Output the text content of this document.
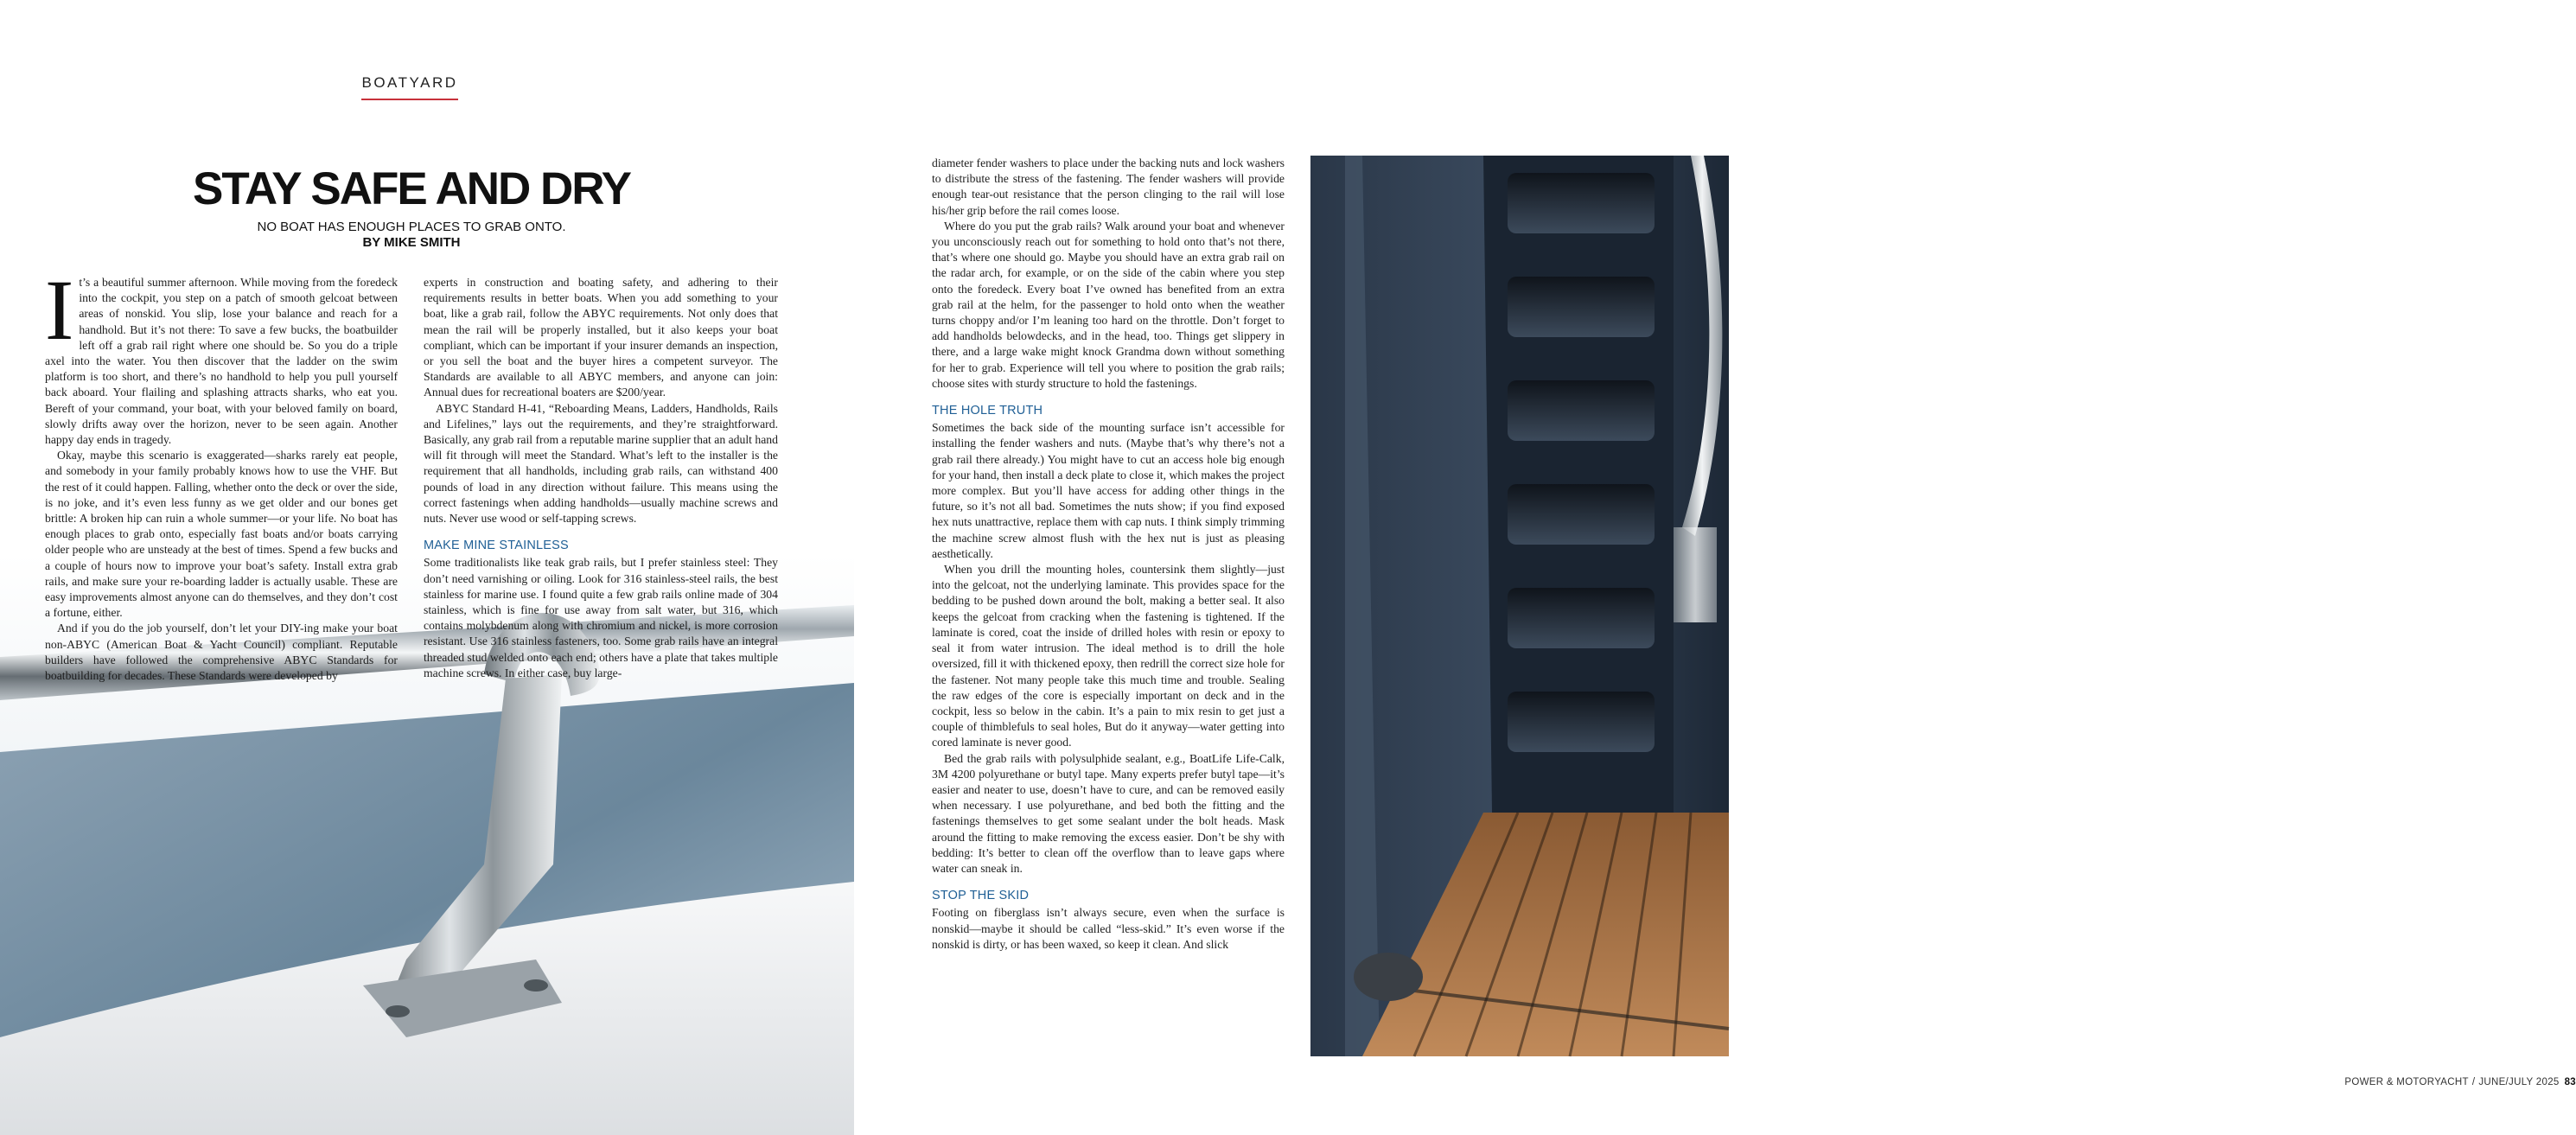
BOATYARD
STAY SAFE AND DRY
NO BOAT HAS ENOUGH PLACES TO GRAB ONTO.
BY MIKE SMITH

It’s a beautiful summer afternoon. While moving from the foredeck into the cockpit, you step on a patch of smooth gelcoat between areas of nonskid. You slip, lose your balance and reach for a handhold. But it’s not there: To save a few bucks, the boatbuilder left off a grab rail right where one should be. So you do a triple axel into the water. You then discover that the ladder on the swim platform is too short, and there’s no handhold to help you pull yourself back aboard. Your flailing and splashing attracts sharks, who eat you. Bereft of your command, your boat, with your beloved family on board, slowly drifts away over the horizon, never to be seen again. Another happy day ends in tragedy.

Okay, maybe this scenario is exaggerated—sharks rarely eat people, and somebody in your family probably knows how to use the VHF. But the rest of it could happen. Falling, whether onto the deck or over the side, is no joke, and it’s even less funny as we get older and our bones get brittle: A broken hip can ruin a whole summer—or your life. No boat has enough places to grab onto, especially fast boats and/or boats carrying older people who are unsteady at the best of times. Spend a few bucks and a couple of hours now to improve your boat’s safety. Install extra grab rails, and make sure your re-boarding ladder is actually usable. These are easy improvements almost anyone can do themselves, and they don’t cost a fortune, either.

And if you do the job yourself, don’t let your DIY-ing make your boat non-ABYC (American Boat & Yacht Council) compliant. Reputable builders have followed the comprehensive ABYC Standards for boatbuilding for decades. These Standards were developed by

experts in construction and boating safety, and adhering to their requirements results in better boats. When you add something to your boat, like a grab rail, follow the ABYC requirements. Not only does that mean the rail will be properly installed, but it also keeps your boat compliant, which can be important if your insurer demands an inspection, or you sell the boat and the buyer hires a competent surveyor. The Standards are available to all ABYC members, and anyone can join: Annual dues for recreational boaters are $200/year.

ABYC Standard H-41, “Reboarding Means, Ladders, Handholds, Rails and Lifelines,” lays out the requirements, and they’re straightforward. Basically, any grab rail from a reputable marine supplier that an adult hand will fit through will meet the Standard. What’s left to the installer is the requirement that all handholds, including grab rails, can withstand 400 pounds of load in any direction without failure. This means using the correct fastenings when adding handholds—usually machine screws and nuts. Never use wood or self-tapping screws.

MAKE MINE STAINLESS

Some traditionalists like teak grab rails, but I prefer stainless steel: They don’t need varnishing or oiling. Look for 316 stainless-steel rails, the best stainless for marine use. I found quite a few grab rails online made of 304 stainless, which is fine for use away from salt water, but 316, which contains molybdenum along with chromium and nickel, is more corrosion resistant. Use 316 stainless fasteners, too. Some grab rails have an integral threaded stud welded onto each end; others have a plate that takes multiple machine screws. In either case, buy large-

diameter fender washers to place under the backing nuts and lock washers to distribute the stress of the fastening. The fender washers will provide enough tear-out resistance that the person clinging to the rail will lose his/her grip before the rail comes loose.

Where do you put the grab rails? Walk around your boat and whenever you unconsciously reach out for something to hold onto that’s not there, that’s where one should go. Maybe you should have an extra grab rail on the radar arch, for example, or on the side of the cabin where you step onto the foredeck. Every boat I’ve owned has benefited from an extra grab rail at the helm, for the passenger to hold onto when the weather turns choppy and/or I’m leaning too hard on the throttle. Don’t forget to add handholds belowdecks, and in the head, too. Things get slippery in there, and a large wake might knock Grandma down without something for her to grab. Experience will tell you where to position the grab rails; choose sites with sturdy structure to hold the fastenings.

THE HOLE TRUTH

Sometimes the back side of the mounting surface isn’t accessible for installing the fender washers and nuts. (Maybe that’s why there’s not a grab rail there already.) You might have to cut an access hole big enough for your hand, then install a deck plate to close it, which makes the project more complex. But you’ll have access for adding other things in the future, so it’s not all bad. Sometimes the nuts show; if you find exposed hex nuts unattractive, replace them with cap nuts. I think simply trimming the machine screw almost flush with the hex nut is just as pleasing aesthetically.

When you drill the mounting holes, countersink them slightly—just into the gelcoat, not the underlying laminate. This provides space for the bedding to be pushed down around the bolt, making a better seal. It also keeps the gelcoat from cracking when the fastening is tightened. If the laminate is cored, coat the inside of drilled holes with resin or epoxy to seal it from water intrusion. The ideal method is to drill the hole oversized, fill it with thickened epoxy, then redrill the correct size hole for the fastener. Not many people take this much time and trouble. Sealing the raw edges of the core is especially important on deck and in the cockpit, less so below in the cabin. It’s a pain to mix resin to get just a couple of thimblefuls to seal holes, But do it anyway—water getting into cored laminate is never good.

Bed the grab rails with polysulphide sealant, e.g., BoatLife Life-Calk, 3M 4200 polyurethane or butyl tape. Many experts prefer butyl tape—it’s easier and neater to use, doesn’t have to cure, and can be removed easily when necessary. I use polyurethane, and bed both the fitting and the fastenings themselves to get some sealant under the bolt heads. Mask around the fitting to make removing the excess easier. Don’t be shy with bedding: It’s better to clean off the overflow than to leave gaps where water can sneak in.

STOP THE SKID

Footing on fiberglass isn’t always secure, even when the surface is nonskid—maybe it should be called “less-skid.” It’s even worse if the nonskid is dirty, or has been waxed, so keep it clean. And slick

POWER & MOTORYACHT / JUNE/JULY 2025 83
